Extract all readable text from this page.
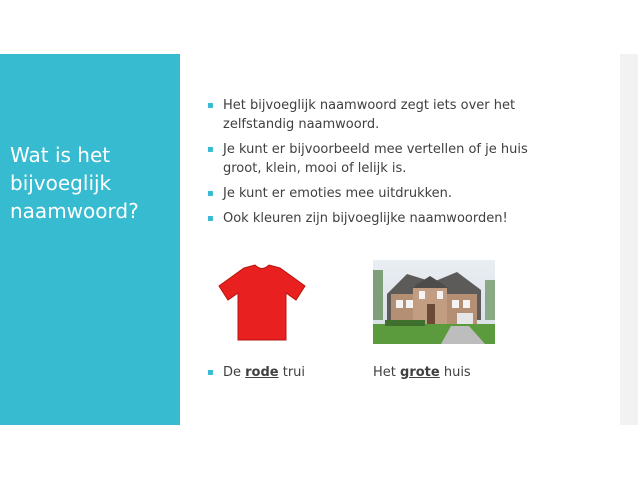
Wat is het
bijvoeglijk
naamwoord?
▪ Het bijvoeglijk naamwoord zegt iets over het zelfstandig naamwoord.
▪ Je kunt er bijvoorbeeld mee vertellen of je huis groot, klein, mooi of lelijk is.
▪ Je kunt er emoties mee uitdrukken.
▪ Ook kleuren zijn bijvoeglijke naamwoorden!
▪ De rode trui	Het grote huis
